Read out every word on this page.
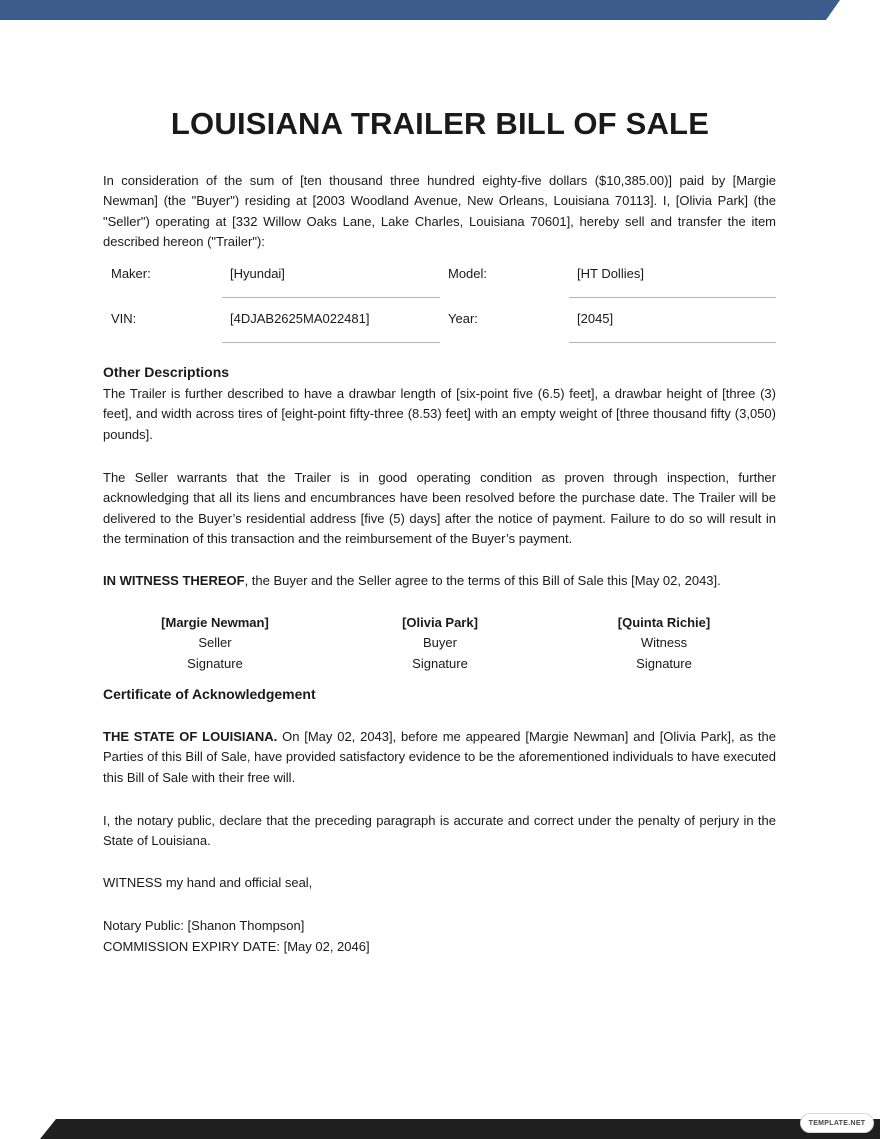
LOUISIANA TRAILER BILL OF SALE

In consideration of the sum of [ten thousand three hundred eighty-five dollars ($10,385.00)] paid by [Margie Newman] (the "Buyer") residing at [2003 Woodland Avenue, New Orleans, Louisiana 70113]. I, [Olivia Park] (the "Seller") operating at [332 Willow Oaks Lane, Lake Charles, Louisiana 70601], hereby sell and transfer the item described hereon ("Trailer"):

Maker:	[Hyundai]	Model:	[HT Dollies]
VIN:	[4DJAB2625MA022481]	Year:	[2045]
Other Descriptions

The Trailer is further described to have a drawbar length of [six-point five (6.5) feet], a drawbar height of [three (3) feet], and width across tires of [eight-point fifty-three (8.53) feet] with an empty weight of [three thousand fifty (3,050) pounds].

The Seller warrants that the Trailer is in good operating condition as proven through inspection, further acknowledging that all its liens and encumbrances have been resolved before the purchase date. The Trailer will be delivered to the Buyer’s residential address [five (5) days] after the notice of payment. Failure to do so will result in the termination of this transaction and the reimbursement of the Buyer’s payment.

IN WITNESS THEREOF, the Buyer and the Seller agree to the terms of this Bill of Sale this [May 02, 2043].

[Margie Newman]
Seller
Signature
[Olivia Park]
Buyer
Signature
[Quinta Richie]
Witness
Signature
Certificate of Acknowledgement

THE STATE OF LOUISIANA. On [May 02, 2043], before me appeared [Margie Newman] and [Olivia Park], as the Parties of this Bill of Sale, have provided satisfactory evidence to be the aforementioned individuals to have executed this Bill of Sale with their free will.

I, the notary public, declare that the preceding paragraph is accurate and correct under the penalty of perjury in the State of Louisiana.

WITNESS my hand and official seal,

Notary Public: [Shanon Thompson]

COMMISSION EXPIRY DATE: [May 02, 2046]

TEMPLATE.NET
